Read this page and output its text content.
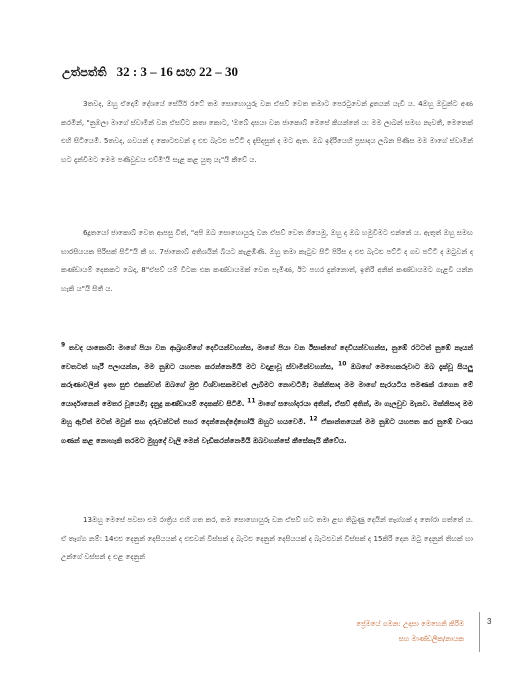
උත්පත්ති 32 : 3 – 16 සහ 22 – 30
3තවද, ඔහු ඒදොම් දේශයේ සේයිර් රටේ තම සොහොයුරු වන ඒසව් වෙත තමාට පෙරටුවෙන් දූතයන් යැවී ය. 4ඔහු ඔවුන්ට අණ කරමින්, "නුඹලා මාගේ ස්වාමීන් වන ඒසව්ට කතා කොට, 'ඔබේ දාසයා වන ජාකොබ් මෙසේ කියන්නේ ය: මම ලාබන් සමඟ නැවතී, මෙතෙක් එහි සිටියෙමි. 5තවද, ගවයන් ද කොටළුවන් ද එළු බැටළු පට්ටි ද දැසිදසුන් ද මට ඇත. ඔබ ඉදිරියෙහි ප්‍රසාදය ලබන පිණිස මම මාගේ ස්වාමීන් හට දැන්වීමට මෙම පණිවුඩය එව්මි'යි සැළ කළ යුතු යැ"යි කීවේ ය.
6දූතයෝ ජාකොබ් වෙත ආපසු විත්, "අපි ඔබ සොහොයුරු වන ඒසව් වෙත ගියෙමු, ඔහු ද ඔබ හමුවීමට එන්නේ ය. ඇතුත් ඔහු සමඟ භාරසියයක පිරිසක් සිටී"යි කී හ. 7ජාකොබ් අතිශයින් බියට කැළඹිණි. ඔහු තමා කැටුව සිටි පිරිස ද එළු බැටළු පට්ටි ද ගව පට්ටි ද ඔටුවන් ද කණ්ඩායම් දෙකකට බෙදා, 8"ඒසව් යම් විටක එක කණ්ඩායමක් වෙත පැමිණ, ඊට පහර දුන්නොත්, ඉතිරි අනික් කණ්ඩායමට ගැළවී යන්න හැකි ය"යි සිතී ය.
$^9$ තවද යාකොබ්: මාගේ පියා වන ආබ්‍රහම්ගේ දෙවියන්වහන්ස, මාගේ පියා වන ඊසාක්ගේ දෙවියන්වහන්ස, නුඹේ රටටත් නුඹේ නෑයන් වෙතටත් හැරී පලායන්න, මම නුඹට යහපත කරන්නෙමියි මට වදාළාවූ ස්වාමීන්වහන්ස, $^{10}$ ඔබගේ මෙහෙකරුවාට ඔබ දැක්වූ සියලු කරුණාවලින් ඉතා සුළු එකක්වත් ඔබගේ මුළු විශ්වාසකමවත් ලැබීමට නොවටිමි; මක්නිසාද මම මාගේ සැරයටිය පමණක් රැගෙන මේ යොර්දානෙන් මෙතර වූයෙමි; දැනුදු කණ්ඩායම් දෙකක්ව සිටිමි. $^{11}$ මාගේ සහෝදරයා අතින්, ඒසව් අතින්, මා ගැලවුව මැනව. මක්නිසාද මම ඔහු ඇවිත් මටත් මවුන් සහ දරුවන්ටත් පහර දෙන්නෙද්දෝහෝයි ඔහුට භයවෙමි. $^{12}$ ඒකාන්තයෙන් මම නුඹට යහපත කර නුඹේ වංශය ගණන් කළ නොහැකි තරමට මුහුදේ වැලි මෙන් වැඩිකරන්නෙමියි ඔබවහන්සේ කීසේකැයි කීවේය.
13ඔහු මෙසේ පවසා එම රාත්‍රිය එහි ගත කර, තම සොහොයුරු වන ඒසව් හට තමා ළඟ තිබුණු දෙයින් තෑග්ගක් ද තෝරා ගත්තේ ය. ඒ තෑග්ග නම්: 14එළු දෙනුන් දෙසියයක් ද එළුවන් විස්සක් ද බැටළු දෙනුන් දෙසියයක් ද බැටළුවන් විස්සක් ද 15කිරි දෙන ඔටු දෙනුන් තිහක් හා උන්ගේ වස්සන් ද එළ දෙනුන්
ප්‍රේමයේ ගමන: උදාසා මෙහෙනි කිරිම
සහ මාණ්ඩලික/නායක
3
